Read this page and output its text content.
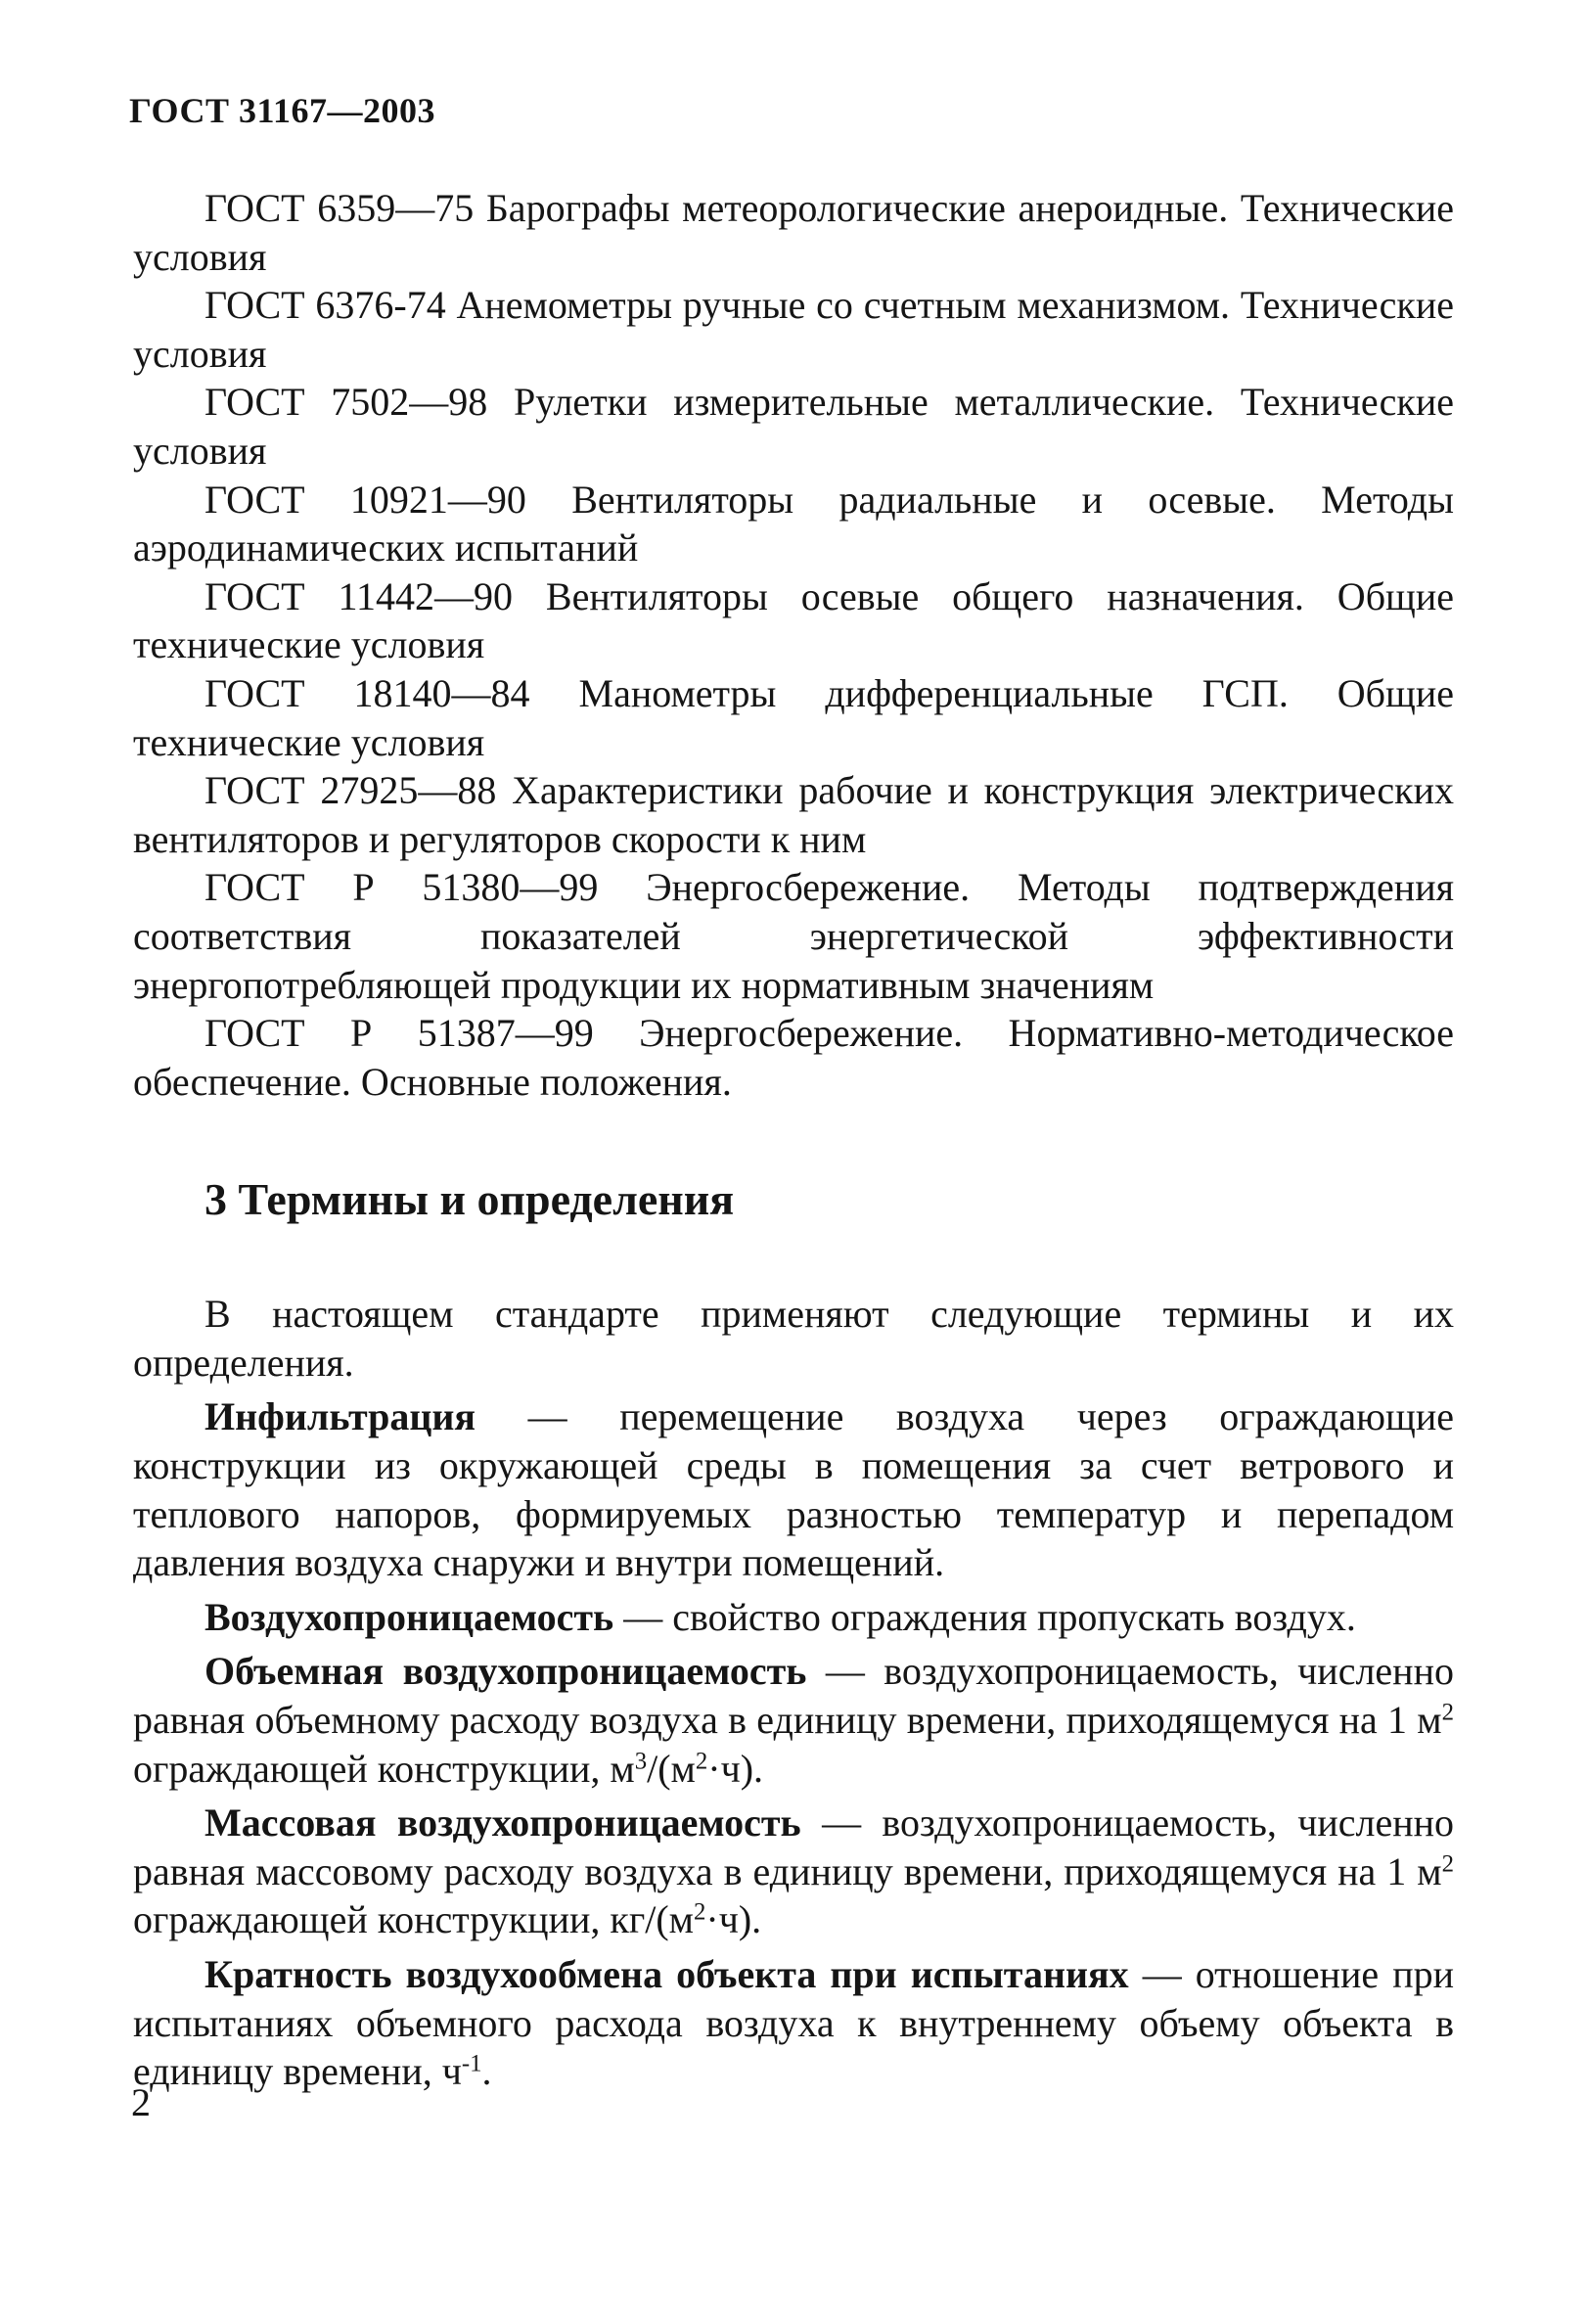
ГОСТ 31167—2003

ГОСТ 6359—75 Барографы метеорологические анероидные. Технические условия

ГОСТ 6376-74 Анемометры ручные со счетным механизмом. Технические условия

ГОСТ 7502—98 Рулетки измерительные металлические. Технические условия

ГОСТ 10921—90 Вентиляторы радиальные и осевые. Методы аэродинамических испытаний

ГОСТ 11442—90 Вентиляторы осевые общего назначения. Общие технические условия

ГОСТ 18140—84 Манометры дифференциальные ГСП. Общие технические условия

ГОСТ 27925—88 Характеристики рабочие и конструкция электрических вентиляторов и регуляторов скорости к ним

ГОСТ Р 51380—99 Энергосбережение. Методы подтверждения соответствия показателей энергетической эффективности энергопотребляющей продукции их нормативным значениям

ГОСТ Р 51387—99 Энергосбережение. Нормативно-методическое обеспечение. Основные положения.

3 Термины и определения

В настоящем стандарте применяют следующие термины и их определения.

Инфильтрация — перемещение воздуха через ограждающие конструкции из окружающей среды в помещения за счет ветрового и теплового напоров, формируемых разностью температур и перепадом давления воздуха снаружи и внутри помещений.

Воздухопроницаемость — свойство ограждения пропускать воздух.

Объемная воздухопроницаемость — воздухопроницаемость, численно равная объемному расходу воздуха в единицу времени, приходящемуся на 1 $м^2$ ограждающей конструкции, $м^3/(м^2\cdot ч)$.

Массовая воздухопроницаемость — воздухопроницаемость, численно равная массовому расходу воздуха в единицу времени, приходящемуся на 1 $м^2$ ограждающей конструкции, $кг/(м^2\cdot ч)$.

Кратность воздухообмена объекта при испытаниях — отношение при испытаниях объемного расхода воздуха к внутреннему объему объекта в единицу времени, $ч^{-1}$.

2
